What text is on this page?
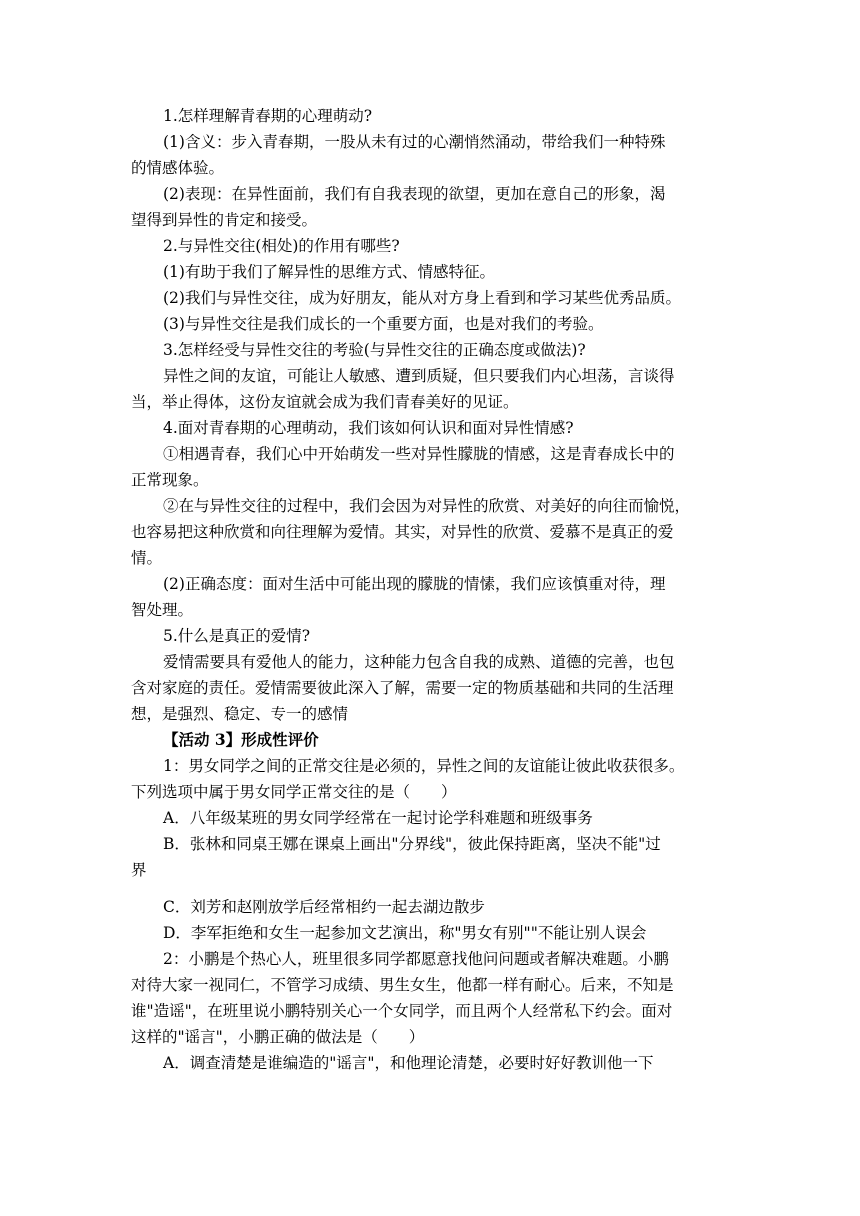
1.怎样理解青春期的心理萌动?
(1)含义：步入青春期，一股从未有过的心潮悄然涌动，带给我们一种特殊
的情感体验。
(2)表现：在异性面前，我们有自我表现的欲望，更加在意自己的形象，渴
望得到异性的肯定和接受。
2.与异性交往(相处)的作用有哪些?
(1)有助于我们了解异性的思维方式、情感特征。
(2)我们与异性交往，成为好朋友，能从对方身上看到和学习某些优秀品质。
(3)与异性交往是我们成长的一个重要方面，也是对我们的考验。
3.怎样经受与异性交往的考验(与异性交往的正确态度或做法)?
异性之间的友谊，可能让人敏感、遭到质疑，但只要我们内心坦荡，言谈得
当，举止得体，这份友谊就会成为我们青春美好的见证。
4.面对青春期的心理萌动，我们该如何认识和面对异性情感?
①相遇青春，我们心中开始萌发一些对异性朦胧的情感，这是青春成长中的
正常现象。
②在与异性交往的过程中，我们会因为对异性的欣赏、对美好的向往而愉悦，
也容易把这种欣赏和向往理解为爱情。其实，对异性的欣赏、爱慕不是真正的爱
情。
(2)正确态度：面对生活中可能出现的朦胧的情愫，我们应该慎重对待，理
智处理。
5.什么是真正的爱情?
爱情需要具有爱他人的能力，这种能力包含自我的成熟、道德的完善，也包
含对家庭的责任。爱情需要彼此深入了解，需要一定的物质基础和共同的生活理
想，是强烈、稳定、专一的感情
【活动 3】形成性评价
1：男女同学之间的正常交往是必须的，异性之间的友谊能让彼此收获很多。
下列选项中属于男女同学正常交往的是（　　）
A．八年级某班的男女同学经常在一起讨论学科难题和班级事务
B．张林和同桌王娜在课桌上画出"分界线"，彼此保持距离，坚决不能"过
界
C．刘芳和赵刚放学后经常相约一起去湖边散步
D．李军拒绝和女生一起参加文艺演出，称"男女有别""不能让别人误会
2：小鹏是个热心人，班里很多同学都愿意找他问问题或者解决难题。小鹏
对待大家一视同仁，不管学习成绩、男生女生，他都一样有耐心。后来，不知是
谁"造谣"，在班里说小鹏特别关心一个女同学，而且两个人经常私下约会。面对
这样的"谣言"，小鹏正确的做法是（　　）
A．调查清楚是谁编造的"谣言"，和他理论清楚，必要时好好教训他一下
